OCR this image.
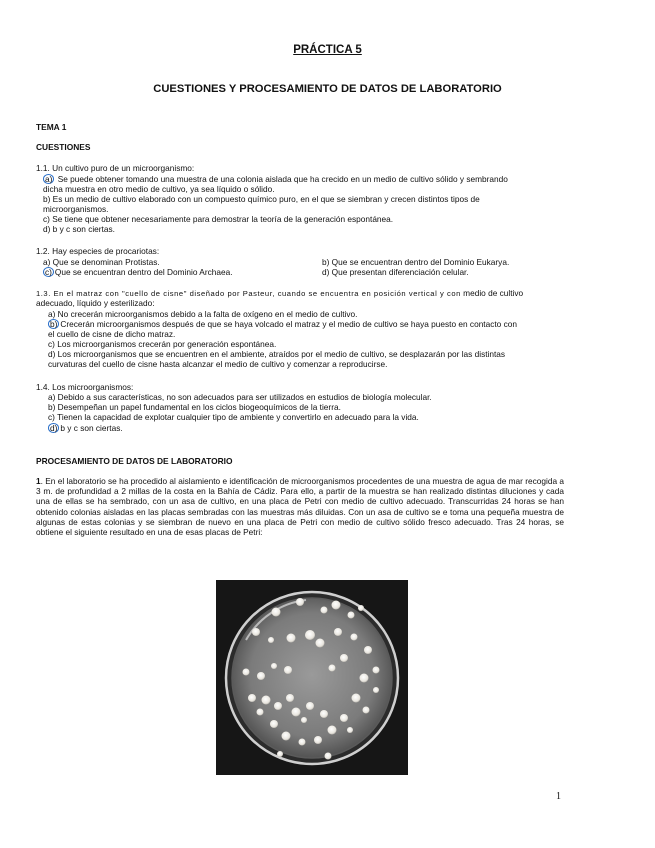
PRÁCTICA 5
CUESTIONES Y PROCESAMIENTO DE DATOS DE LABORATORIO
TEMA 1
CUESTIONES
1.1. Un cultivo puro de un microorganismo:
a) Se puede obtener tomando una muestra de una colonia aislada que ha crecido en un medio de cultivo sólido y sembrando
dicha muestra en otro medio de cultivo, ya sea líquido o sólido.
b) Es un medio de cultivo elaborado con un compuesto químico puro, en el que se siembran y crecen distintos tipos de
microorganismos.
c) Se tiene que obtener necesariamente para demostrar la teoría de la generación espontánea.
d) b y c son ciertas.
1.2. Hay especies de procariotas:
a) Que se denominan Protistas.	b) Que se encuentran dentro del Dominio Eukarya.
c) Que se encuentran dentro del Dominio Archaea.	d) Que presentan diferenciación celular.
1.3. En el matraz con "cuello de cisne" diseñado por Pasteur, cuando se encuentra en posición vertical y con medio de cultivo
adecuado, líquido y esterilizado:
a) No crecerán microorganismos debido a la falta de oxígeno en el medio de cultivo.
b) Crecerán microorganismos después de que se haya volcado el matraz y el medio de cultivo se haya puesto en contacto con
el cuello de cisne de dicho matraz.
c) Los microorganismos crecerán por generación espontánea.
d) Los microorganismos que se encuentren en el ambiente, atraídos por el medio de cultivo, se desplazarán por las distintas
curvaturas del cuello de cisne hasta alcanzar el medio de cultivo y comenzar a reproducirse.
1.4. Los microorganismos:
a) Debido a sus características, no son adecuados para ser utilizados en estudios de biología molecular.
b) Desempeñan un papel fundamental en los ciclos biogeoquímicos de la tierra.
c) Tienen la capacidad de explotar cualquier tipo de ambiente y convertirlo en adecuado para la vida.
d) b y c son ciertas.
PROCESAMIENTO DE DATOS DE LABORATORIO
1. En el laboratorio se ha procedido al aislamiento e identificación de microorganismos procedentes de una muestra de agua de mar recogida a 3 m. de profundidad a 2 millas de la costa en la Bahía de Cádiz. Para ello, a partir de la muestra se han realizado distintas diluciones y cada una de ellas se ha sembrado, con un asa de cultivo, en una placa de Petri con medio de cultivo adecuado. Transcurridas 24 horas se han obtenido colonias aisladas en las placas sembradas con las muestras más diluidas. Con un asa de cultivo se e toma una pequeña muestra de algunas de estas colonias y se siembran de nuevo en una placa de Petri con medio de cultivo sólido fresco adecuado. Tras 24 horas, se obtiene el siguiente resultado en una de esas placas de Petri:
1
